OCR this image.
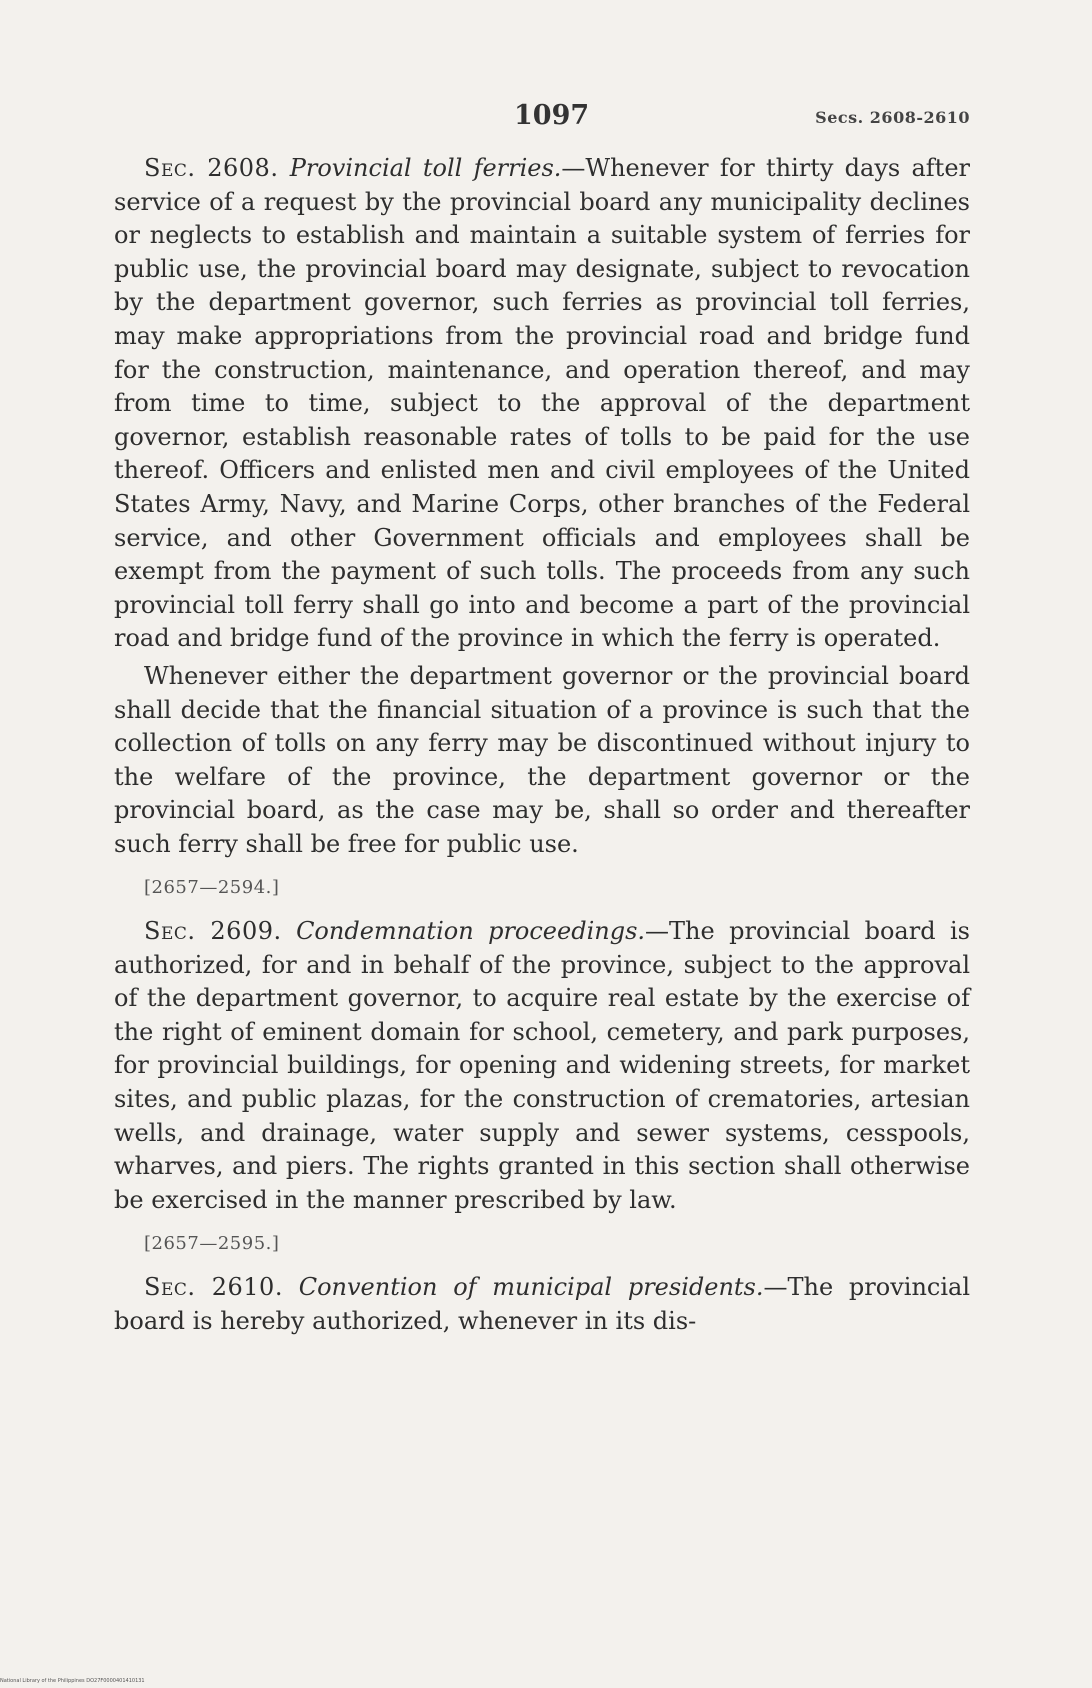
1097	Secs. 2608-2610

Sec. 2608. Provincial toll ferries.—Whenever for thirty days after service of a request by the provincial board any municipality declines or neglects to establish and maintain a suitable system of ferries for public use, the provincial board may designate, subject to revocation by the department governor, such ferries as provincial toll ferries, may make appropriations from the provincial road and bridge fund for the construction, maintenance, and operation thereof, and may from time to time, subject to the approval of the department governor, establish reasonable rates of tolls to be paid for the use thereof. Officers and enlisted men and civil employees of the United States Army, Navy, and Marine Corps, other branches of the Federal service, and other Government officials and employees shall be exempt from the payment of such tolls. The proceeds from any such provincial toll ferry shall go into and become a part of the provincial road and bridge fund of the province in which the ferry is operated.

Whenever either the department governor or the provincial board shall decide that the financial situation of a province is such that the collection of tolls on any ferry may be discontinued without injury to the welfare of the province, the department governor or the provincial board, as the case may be, shall so order and thereafter such ferry shall be free for public use.

[2657—2594.]

Sec. 2609. Condemnation proceedings.—The provincial board is authorized, for and in behalf of the province, subject to the approval of the department governor, to acquire real estate by the exercise of the right of eminent domain for school, cemetery, and park purposes, for provincial buildings, for opening and widening streets, for market sites, and public plazas, for the construction of crematories, artesian wells, and drainage, water supply and sewer systems, cesspools, wharves, and piers. The rights granted in this section shall otherwise be exercised in the manner prescribed by law.

[2657—2595.]

Sec. 2610. Convention of municipal presidents.—The provincial board is hereby authorized, whenever in its dis-

National Library of the Philippines DO27F0000401410131
